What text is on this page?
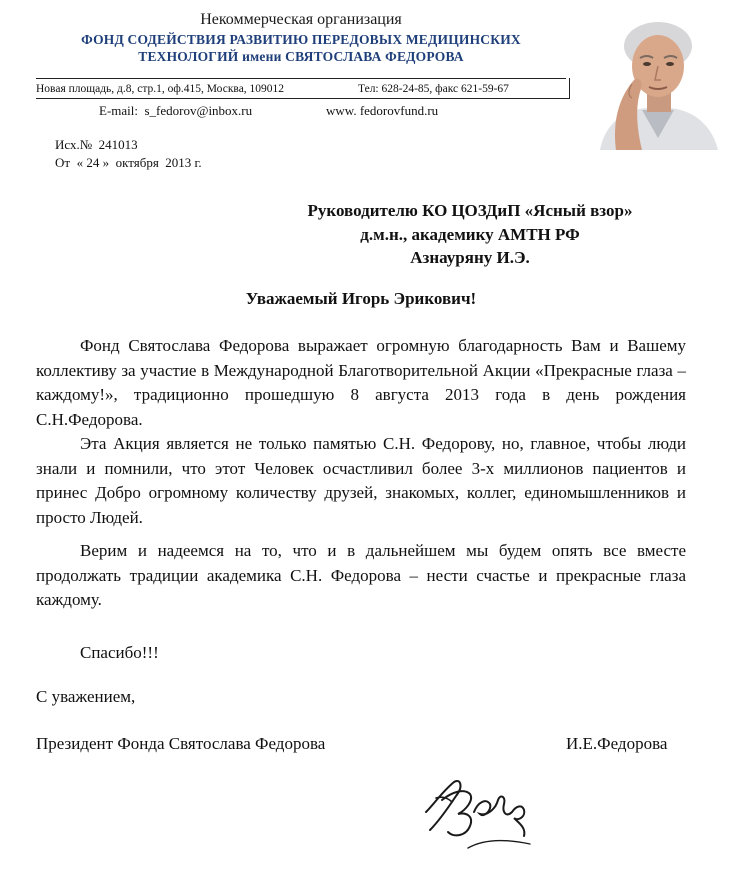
Некоммерческая организация
ФОНД СОДЕЙСТВИЯ РАЗВИТИЮ ПЕРЕДОВЫХ МЕДИЦИНСКИХ
ТЕХНОЛОГИЙ имени СВЯТОСЛАВА ФЕДОРОВА
Новая площадь, д.8, стр.1, оф.415, Москва, 109012	Тел: 628-24-85, факс 621-59-67
E-mail:  s_fedorov@inbox.ru	www. fedorovfund.ru
Исх.№  241013
От  « 24 »  октября  2013 г.
Руководителю КО ЦОЗДиП «Ясный взор»
д.м.н., академику АМТН РФ
Азнауряну И.Э.
Уважаемый Игорь Эрикович!
Фонд Святослава Федорова выражает огромную благодарность Вам и Вашему коллективу за участие в Международной Благотворительной Акции «Прекрасные глаза – каждому!», традиционно прошедшую 8 августа 2013 года в день рождения С.Н.Федорова.
Эта Акция является не только памятью С.Н. Федорову, но, главное, чтобы люди знали и помнили, что этот Человек осчастливил более 3-х миллионов пациентов и принес Добро огромному количеству друзей, знакомых, коллег, единомышленников и просто Людей.
Верим и надеемся на то, что и в дальнейшем мы будем опять все вместе продолжать традиции академика С.Н. Федорова – нести счастье и прекрасные глаза каждому.
Спасибо!!!
С уважением,
Президент Фонда Святослава Федорова	И.Е.Федорова
